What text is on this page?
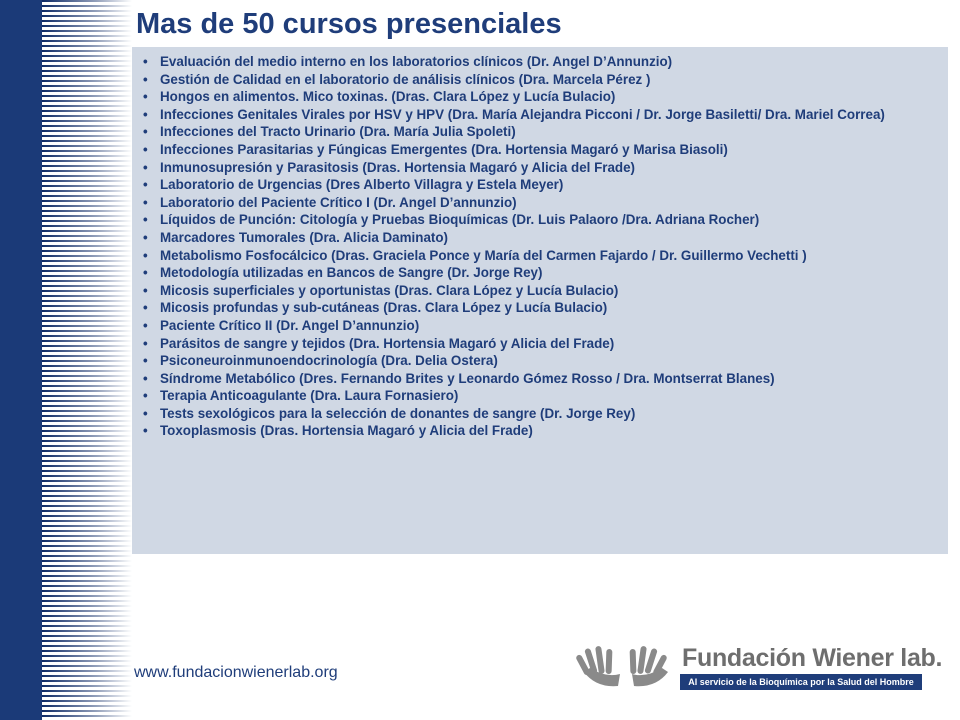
Mas de 50 cursos presenciales
• Evaluación del medio interno en los laboratorios clínicos (Dr. Angel D’Annunzio)
• Gestión de Calidad en el laboratorio de análisis clínicos (Dra. Marcela Pérez )
• Hongos en alimentos. Mico toxinas. (Dras. Clara López y Lucía Bulacio)
• Infecciones Genitales Virales por HSV y HPV (Dra. María Alejandra Picconi / Dr. Jorge Basiletti/ Dra. Mariel Correa)
• Infecciones del Tracto Urinario (Dra. María Julia Spoleti)
• Infecciones Parasitarias y Fúngicas Emergentes (Dra. Hortensia Magaró y Marisa Biasoli)
• Inmunosupresión y Parasitosis (Dras. Hortensia Magaró y Alicia del Frade)
• Laboratorio de Urgencias (Dres Alberto Villagra y Estela Meyer)
• Laboratorio del Paciente Crítico I (Dr. Angel D’annunzio)
• Líquidos de Punción: Citología y Pruebas Bioquímicas (Dr. Luis Palaoro /Dra. Adriana Rocher)
• Marcadores Tumorales (Dra. Alicia Daminato)
• Metabolismo Fosfocálcico (Dras. Graciela Ponce y María del Carmen Fajardo / Dr. Guillermo Vechetti )
• Metodología utilizadas en Bancos de Sangre (Dr. Jorge Rey)
• Micosis superficiales y oportunistas (Dras. Clara López y Lucía Bulacio)
• Micosis profundas y sub-cutáneas (Dras. Clara López y Lucía Bulacio)
• Paciente Crítico II (Dr. Angel D’annunzio)
• Parásitos de sangre y tejidos (Dra. Hortensia Magaró y Alicia del Frade)
• Psiconeuroinmunoendocrinología (Dra. Delia Ostera)
• Síndrome Metabólico (Dres. Fernando Brites y Leonardo Gómez Rosso / Dra. Montserrat Blanes)
• Terapia Anticoagulante (Dra. Laura Fornasiero)
• Tests sexológicos para la selección de donantes de sangre (Dr. Jorge Rey)
• Toxoplasmosis (Dras. Hortensia Magaró y Alicia del Frade)
www.fundacionwienerlab.org
Fundación Wiener lab.
Al servicio de la Bioquímica por la Salud del Hombre
